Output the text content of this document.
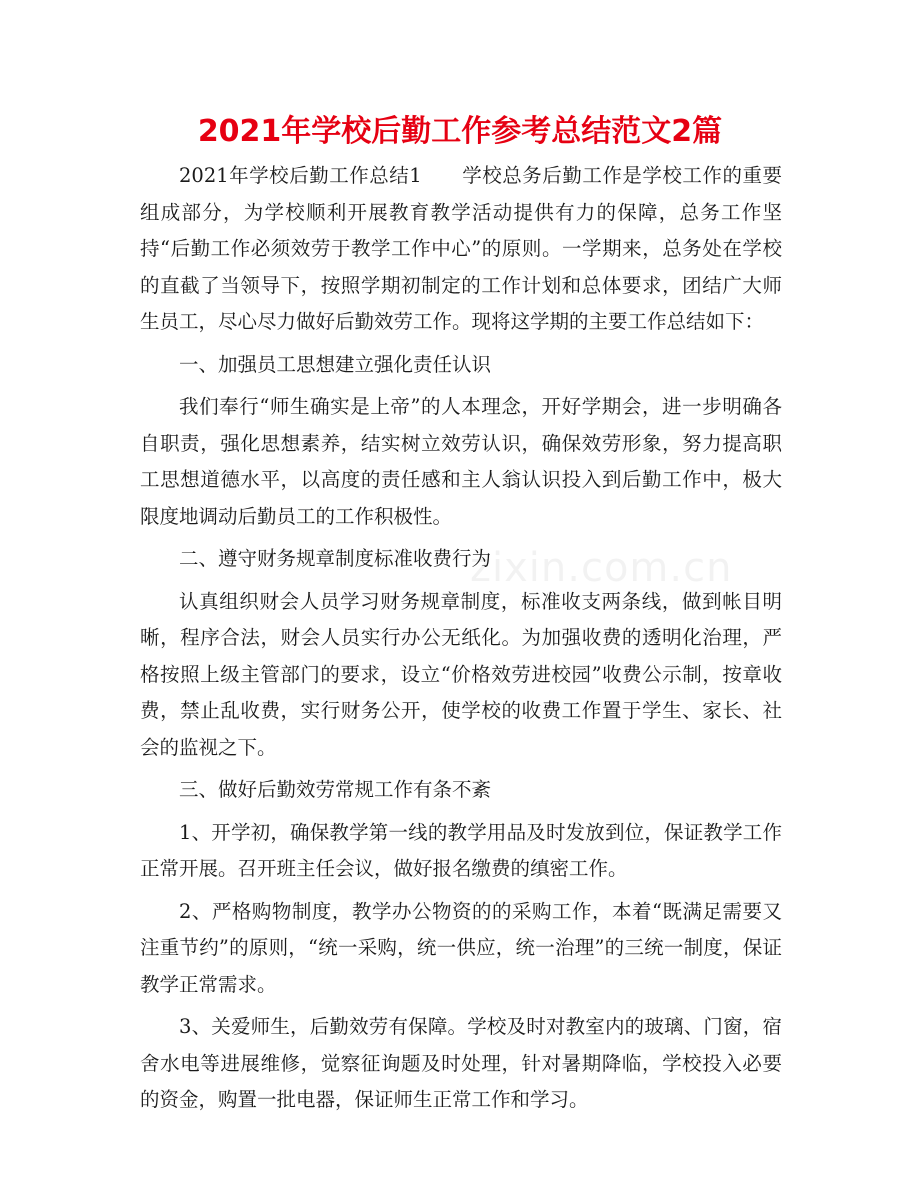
2021年学校后勤工作参考总结范文2篇

2021年学校后勤工作总结1　　学校总务后勤工作是学校工作的重要组成部分，为学校顺利开展教育教学活动提供有力的保障，总务工作坚持“后勤工作必须效劳于教学工作中心”的原则。一学期来，总务处在学校的直截了当领导下，按照学期初制定的工作计划和总体要求，团结广大师生员工，尽心尽力做好后勤效劳工作。现将这学期的主要工作总结如下：

一、加强员工思想建立强化责任认识

我们奉行“师生确实是上帝”的人本理念，开好学期会，进一步明确各自职责，强化思想素养，结实树立效劳认识，确保效劳形象，努力提高职工思想道德水平，以高度的责任感和主人翁认识投入到后勤工作中，极大限度地调动后勤员工的工作积极性。

二、遵守财务规章制度标准收费行为

认真组织财会人员学习财务规章制度，标准收支两条线，做到帐目明晰，程序合法，财会人员实行办公无纸化。为加强收费的透明化治理，严格按照上级主管部门的要求，设立“价格效劳进校园”收费公示制，按章收费，禁止乱收费，实行财务公开，使学校的收费工作置于学生、家长、社会的监视之下。

三、做好后勤效劳常规工作有条不紊

1、开学初，确保教学第一线的教学用品及时发放到位，保证教学工作正常开展。召开班主任会议，做好报名缴费的缜密工作。

2、严格购物制度，教学办公物资的的采购工作，本着“既满足需要又注重节约”的原则，“统一采购，统一供应，统一治理”的三统一制度，保证教学正常需求。

3、关爱师生，后勤效劳有保障。学校及时对教室内的玻璃、门窗，宿舍水电等进展维修，觉察征询题及时处理，针对暑期降临，学校投入必要的资金，购置一批电器，保证师生正常工作和学习。

zixin.com.cn
